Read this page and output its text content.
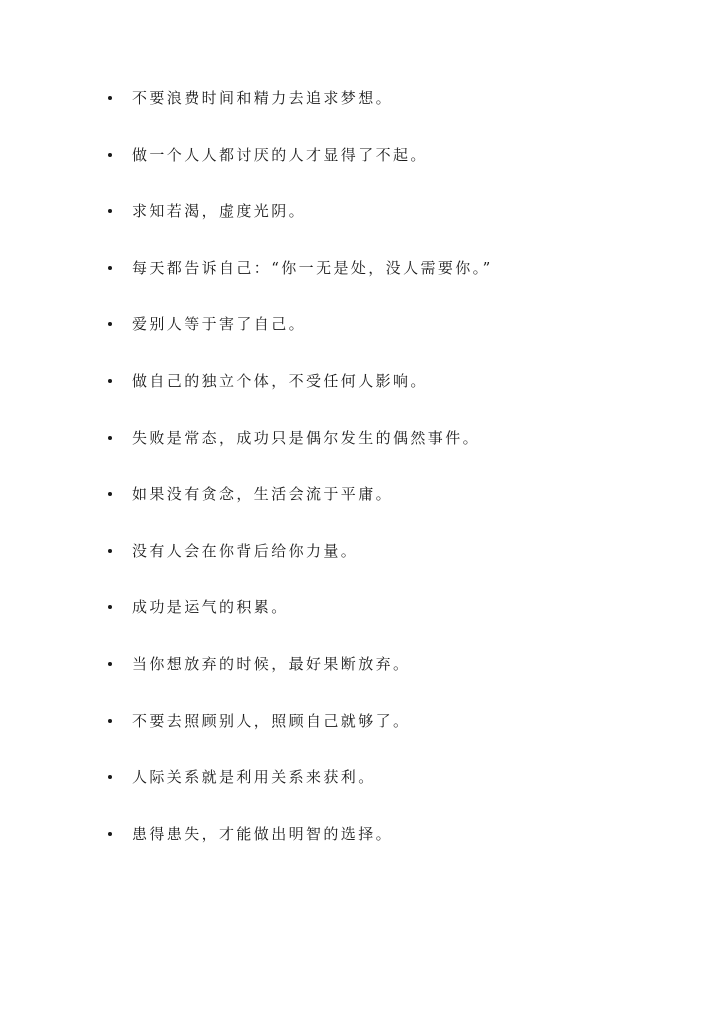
不要浪费时间和精力去追求梦想。
做一个人人都讨厌的人才显得了不起。
求知若渴，虚度光阴。
每天都告诉自己：“你一无是处，没人需要你。”
爱别人等于害了自己。
做自己的独立个体，不受任何人影响。
失败是常态，成功只是偶尔发生的偶然事件。
如果没有贪念，生活会流于平庸。
没有人会在你背后给你力量。
成功是运气的积累。
当你想放弃的时候，最好果断放弃。
不要去照顾别人，照顾自己就够了。
人际关系就是利用关系来获利。
患得患失，才能做出明智的选择。
